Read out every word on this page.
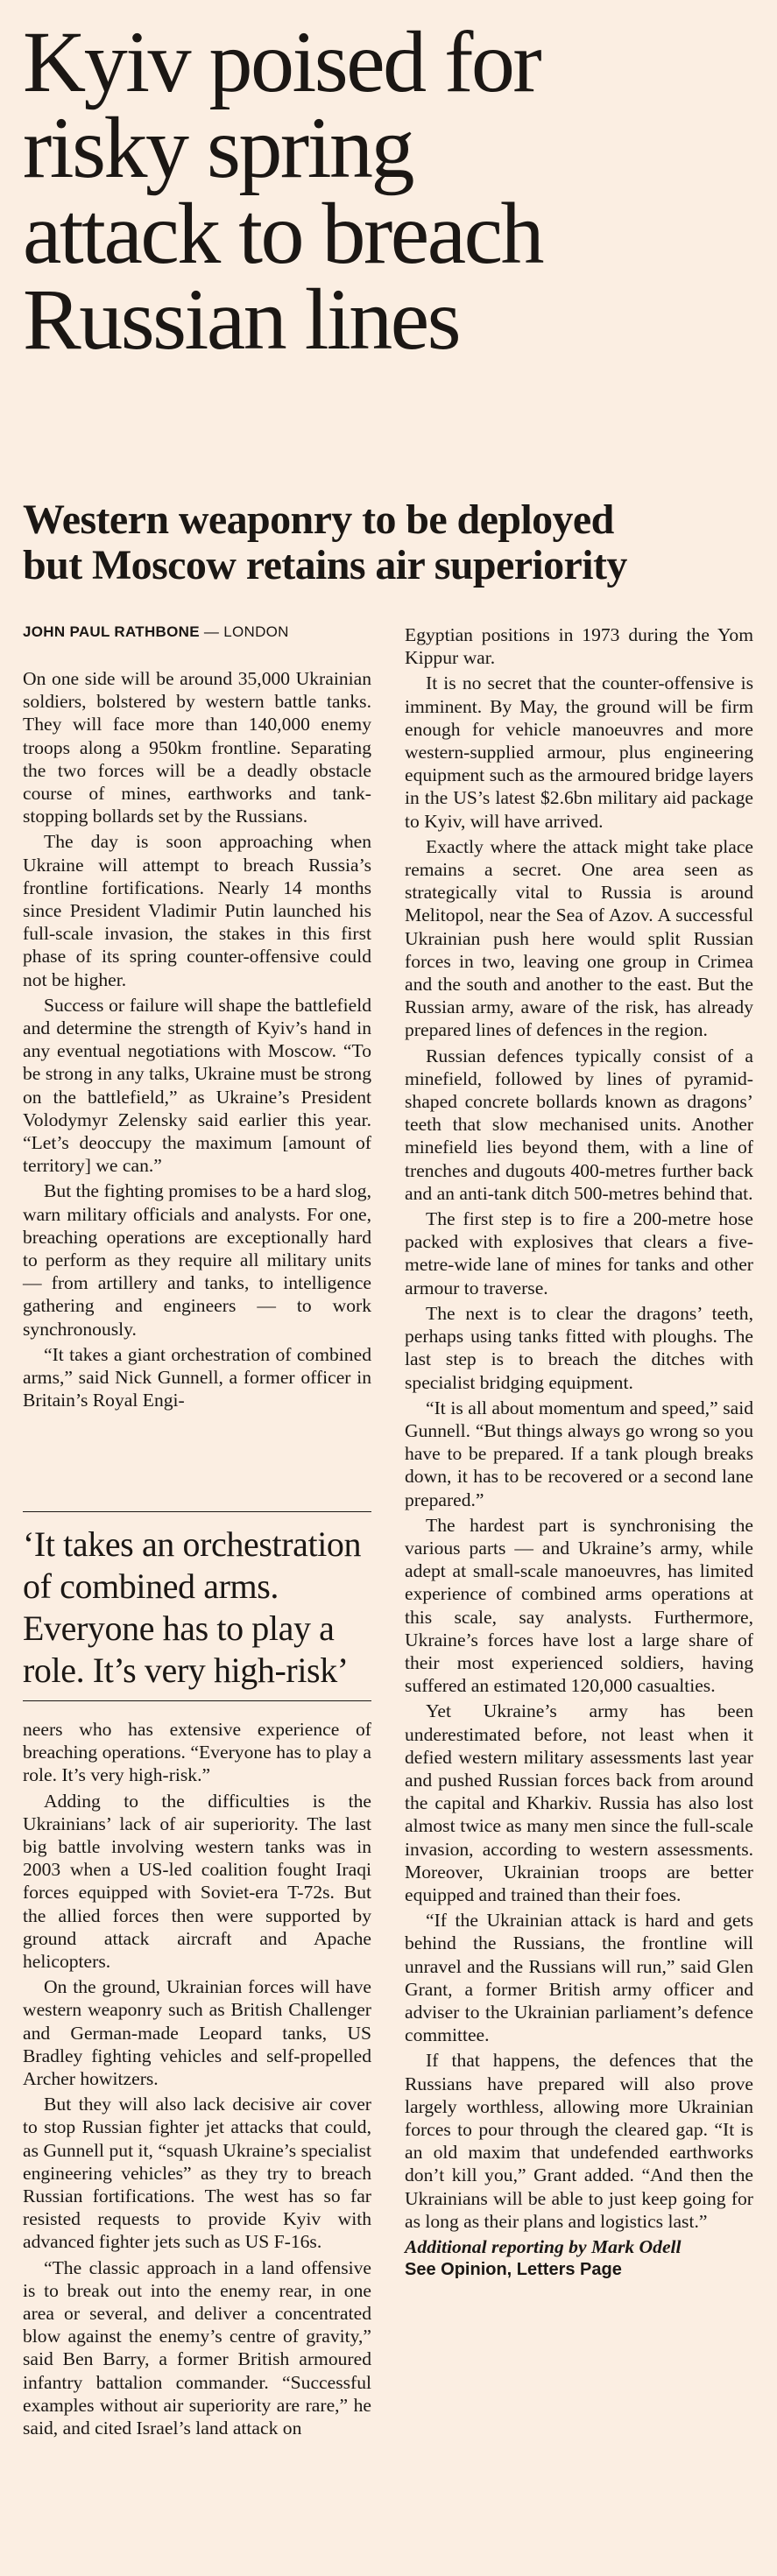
Kyiv poised for
risky spring
attack to breach
Russian lines
Western weaponry to be deployed
but Moscow retains air superiority
JOHN PAUL RATHBONE — LONDON

On one side will be around 35,000 Ukrainian soldiers, bolstered by western battle tanks. They will face more than 140,000 enemy troops along a 950km frontline. Separating the two forces will be a deadly obstacle course of mines, earthworks and tank-stopping bollards set by the Russians.

The day is soon approaching when Ukraine will attempt to breach Russia’s frontline fortifications. Nearly 14 months since President Vladimir Putin launched his full-scale invasion, the stakes in this first phase of its spring counter-offensive could not be higher.

Success or failure will shape the battlefield and determine the strength of Kyiv’s hand in any eventual negotiations with Moscow. “To be strong in any talks, Ukraine must be strong on the battlefield,” as Ukraine’s President Volodymyr Zelensky said earlier this year. “Let’s deoccupy the maximum [amount of territory] we can.”

But the fighting promises to be a hard slog, warn military officials and analysts. For one, breaching operations are exceptionally hard to perform as they require all military units — from artillery and tanks, to intelligence gathering and engineers — to work synchronously.

“It takes a giant orchestration of combined arms,” said Nick Gunnell, a former officer in Britain’s Royal Engi-

‘It takes an orchestration
of combined arms.
Everyone has to play a
role. It’s very high-risk’

neers who has extensive experience of breaching operations. “Everyone has to play a role. It’s very high-risk.”

Adding to the difficulties is the Ukrainians’ lack of air superiority. The last big battle involving western tanks was in 2003 when a US-led coalition fought Iraqi forces equipped with Soviet-era T-72s. But the allied forces then were supported by ground attack aircraft and Apache helicopters.

On the ground, Ukrainian forces will have western weaponry such as British Challenger and German-made Leopard tanks, US Bradley fighting vehicles and self-propelled Archer howitzers.

But they will also lack decisive air cover to stop Russian fighter jet attacks that could, as Gunnell put it, “squash Ukraine’s specialist engineering vehicles” as they try to breach Russian fortifications. The west has so far resisted requests to provide Kyiv with advanced fighter jets such as US F-16s.

“The classic approach in a land offensive is to break out into the enemy rear, in one area or several, and deliver a concentrated blow against the enemy’s centre of gravity,” said Ben Barry, a former British armoured infantry battalion commander. “Successful examples without air superiority are rare,” he said, and cited Israel’s land attack on

Egyptian positions in 1973 during the Yom Kippur war.

It is no secret that the counter-offensive is imminent. By May, the ground will be firm enough for vehicle manoeuvres and more western-supplied armour, plus engineering equipment such as the armoured bridge layers in the US’s latest $2.6bn military aid package to Kyiv, will have arrived.

Exactly where the attack might take place remains a secret. One area seen as strategically vital to Russia is around Melitopol, near the Sea of Azov. A successful Ukrainian push here would split Russian forces in two, leaving one group in Crimea and the south and another to the east. But the Russian army, aware of the risk, has already prepared lines of defences in the region.

Russian defences typically consist of a minefield, followed by lines of pyramid-shaped concrete bollards known as dragons’ teeth that slow mechanised units. Another minefield lies beyond them, with a line of trenches and dugouts 400-metres further back and an anti-tank ditch 500-metres behind that.

The first step is to fire a 200-metre hose packed with explosives that clears a five-metre-wide lane of mines for tanks and other armour to traverse.

The next is to clear the dragons’ teeth, perhaps using tanks fitted with ploughs. The last step is to breach the ditches with specialist bridging equipment.

“It is all about momentum and speed,” said Gunnell. “But things always go wrong so you have to be prepared. If a tank plough breaks down, it has to be recovered or a second lane prepared.”

The hardest part is synchronising the various parts — and Ukraine’s army, while adept at small-scale manoeuvres, has limited experience of combined arms operations at this scale, say analysts. Furthermore, Ukraine’s forces have lost a large share of their most experienced soldiers, having suffered an estimated 120,000 casualties.

Yet Ukraine’s army has been underestimated before, not least when it defied western military assessments last year and pushed Russian forces back from around the capital and Kharkiv. Russia has also lost almost twice as many men since the full-scale invasion, according to western assessments. Moreover, Ukrainian troops are better equipped and trained than their foes.

“If the Ukrainian attack is hard and gets behind the Russians, the frontline will unravel and the Russians will run,” said Glen Grant, a former British army officer and adviser to the Ukrainian parliament’s defence committee.

If that happens, the defences that the Russians have prepared will also prove largely worthless, allowing more Ukrainian forces to pour through the cleared gap. “It is an old maxim that undefended earthworks don’t kill you,” Grant added. “And then the Ukrainians will be able to just keep going for as long as their plans and logistics last.”

Additional reporting by Mark Odell

See Opinion, Letters Page
